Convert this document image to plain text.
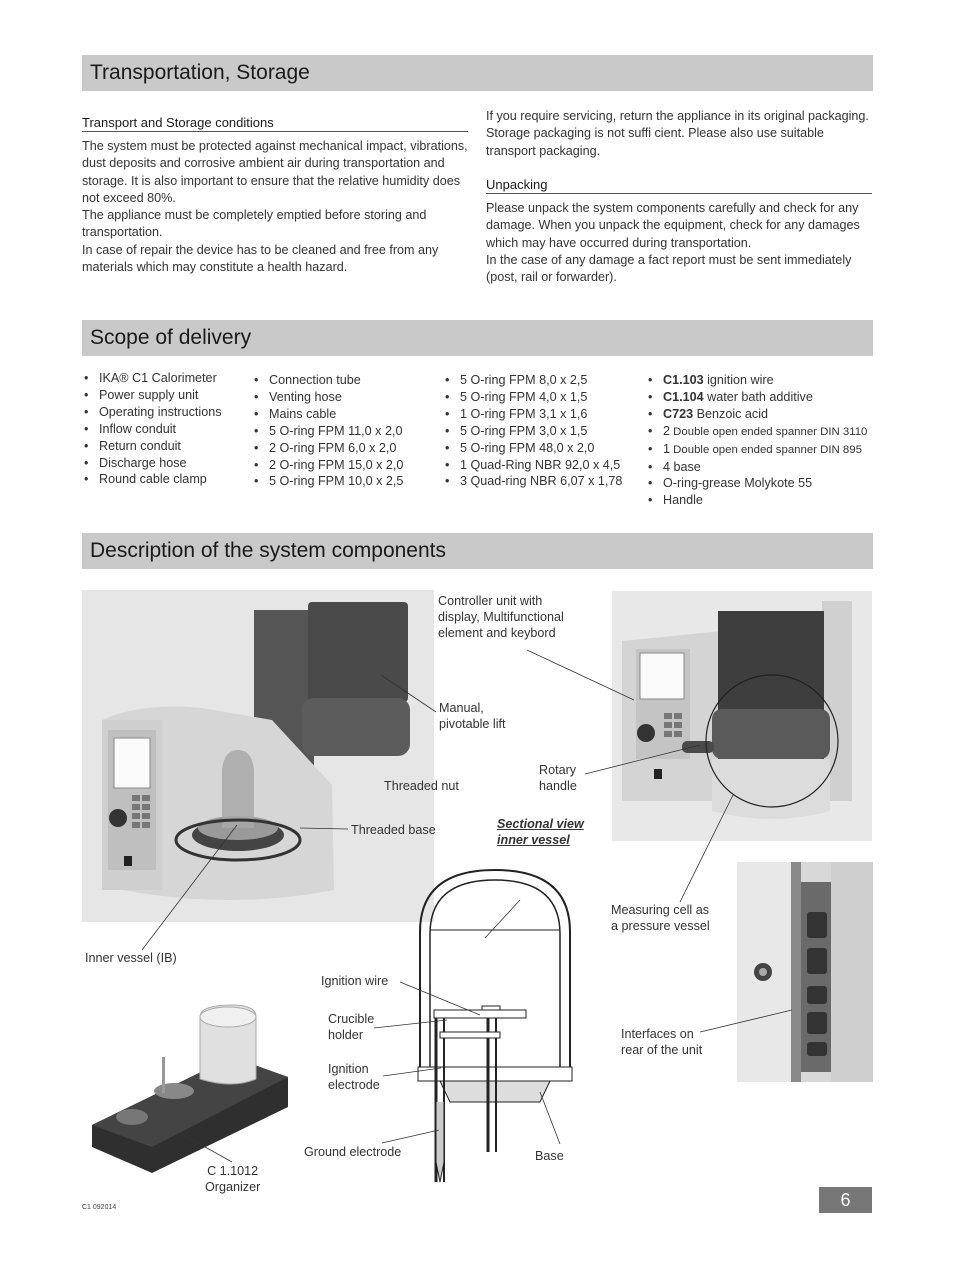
Transportation, Storage
Transport and Storage conditions

The system must be protected against mechanical impact, vibrations, dust deposits and corrosive ambient air during transportation and storage. It is also important to ensure that the relative humidity does not exceed 80%.

The appliance must be completely emptied before storing and transportation.

In case of repair the device has to be cleaned and free from any materials which may constitute a health hazard.

If you require servicing, return the appliance in its original packaging. Storage packaging is not suffi cient. Please also use suitable transport packaging.
Unpacking

Please unpack the system components carefully and check for any damage. When you unpack the equipment, check for any damages which may have occurred during transportation.

In the case of any damage a fact report must be sent immediately (post, rail or forwarder).

Scope of delivery
• IKA® C1 Calorimeter
• Power supply unit
• Operating instructions
• Inflow conduit
• Return conduit
• Discharge hose
• Round cable clamp
• Connection tube
• Venting hose
• Mains cable
• 5 O-ring FPM 11,0 x 2,0
• 2 O-ring FPM 6,0 x 2,0
• 2 O-ring FPM 15,0 x 2,0
• 5 O-ring FPM 10,0 x 2,5
• 5 O-ring FPM 8,0 x 2,5
• 5 O-ring FPM 4,0 x 1,5
• 1 O-ring FPM 3,1 x 1,6
• 5 O-ring FPM 3,0 x 1,5
• 5 O-ring FPM 48,0 x 2,0
• 1 Quad-Ring NBR 92,0 x 4,5
• 3 Quad-ring NBR 6,07 x 1,78
• C1.103 ignition wire
• C1.104 water bath additive
• C723 Benzoic acid
• 2 Double open ended spanner DIN 3110
• 1 Double open ended spanner DIN 895
• 4 base
• O-ring-grease Molykote 55
• Handle
Description of the system components
Controller unit with
display, Multifunctional
element and keybord
Manual,
pivotable lift
Threaded nut
Rotary
handle
Threaded base	Sectional view
inner vessel
Measuring cell as
a pressure vessel
Inner vessel (IB)
Ignition wire
Crucible
holder
Ignition
electrode
Interfaces on
rear of the unit
Ground electrode	Base
C 1.1012
Organizer
C1 092014	6
